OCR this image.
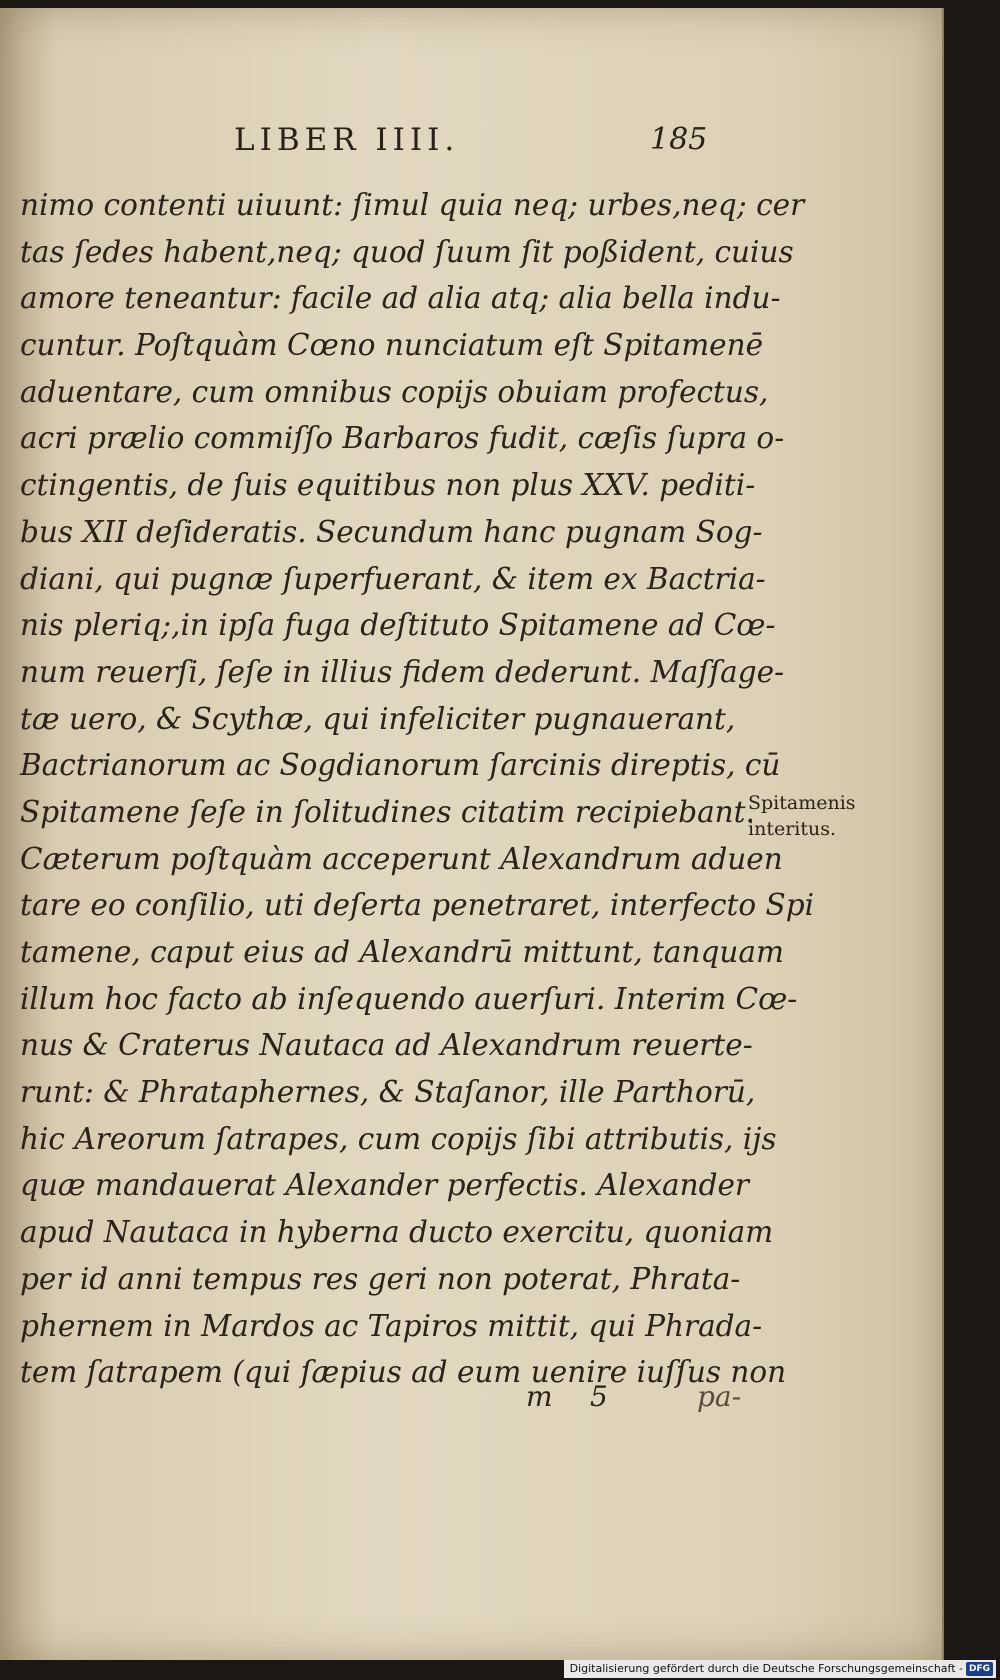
LIBER IIII.	185
nimo contenti uiuunt: ſimul quia neq; urbes,neq; cer
tas ſedes habent,neq; quod ſuum ſit poßident, cuius
amore teneantur: facile ad alia atq; alia bella indu-
cuntur. Poſtquàm Cœno nunciatum eſt Spitamenē
aduentare, cum omnibus copijs obuiam profectus,
acri prælio commiſſo Barbaros fudit, cæſis ſupra o-
ctingentis, de ſuis equitibus non plus XXV. pediti-
bus XII deſideratis. Secundum hanc pugnam Sog-
diani, qui pugnæ ſuperfuerant, & item ex Bactria-
nis pleriq;,in ipſa fuga deſtituto Spitamene ad Cœ-
num reuerſi, ſeſe in illius fidem dederunt. Maſſage-
tæ uero, & Scythæ, qui infeliciter pugnauerant,
Bactrianorum ac Sogdianorum ſarcinis direptis, cū
Spitamene ſeſe in ſolitudines citatim recipiebant.
Cæterum poſtquàm acceperunt Alexandrum aduen
tare eo conſilio, uti deſerta penetraret, interfecto Spi
tamene, caput eius ad Alexandrū mittunt, tanquam
illum hoc facto ab inſequendo auerſuri. Interim Cœ-
nus & Craterus Nautaca ad Alexandrum reuerte-
runt: & Phrataphernes, & Staſanor, ille Parthorū,
hic Areorum ſatrapes, cum copijs ſibi attributis, ijs
quæ mandauerat Alexander perfectis. Alexander
apud Nautaca in hyberna ducto exercitu, quoniam
per id anni tempus res geri non poterat, Phrata-
phernem in Mardos ac Tapiros mittit, qui Phrada-
tem ſatrapem (qui ſæpius ad eum uenire iuſſus non
Spitamenis
interitus.
m 5	pa-
Digitalisierung gefördert durch die Deutsche Forschungsgemeinschaft - DFG
